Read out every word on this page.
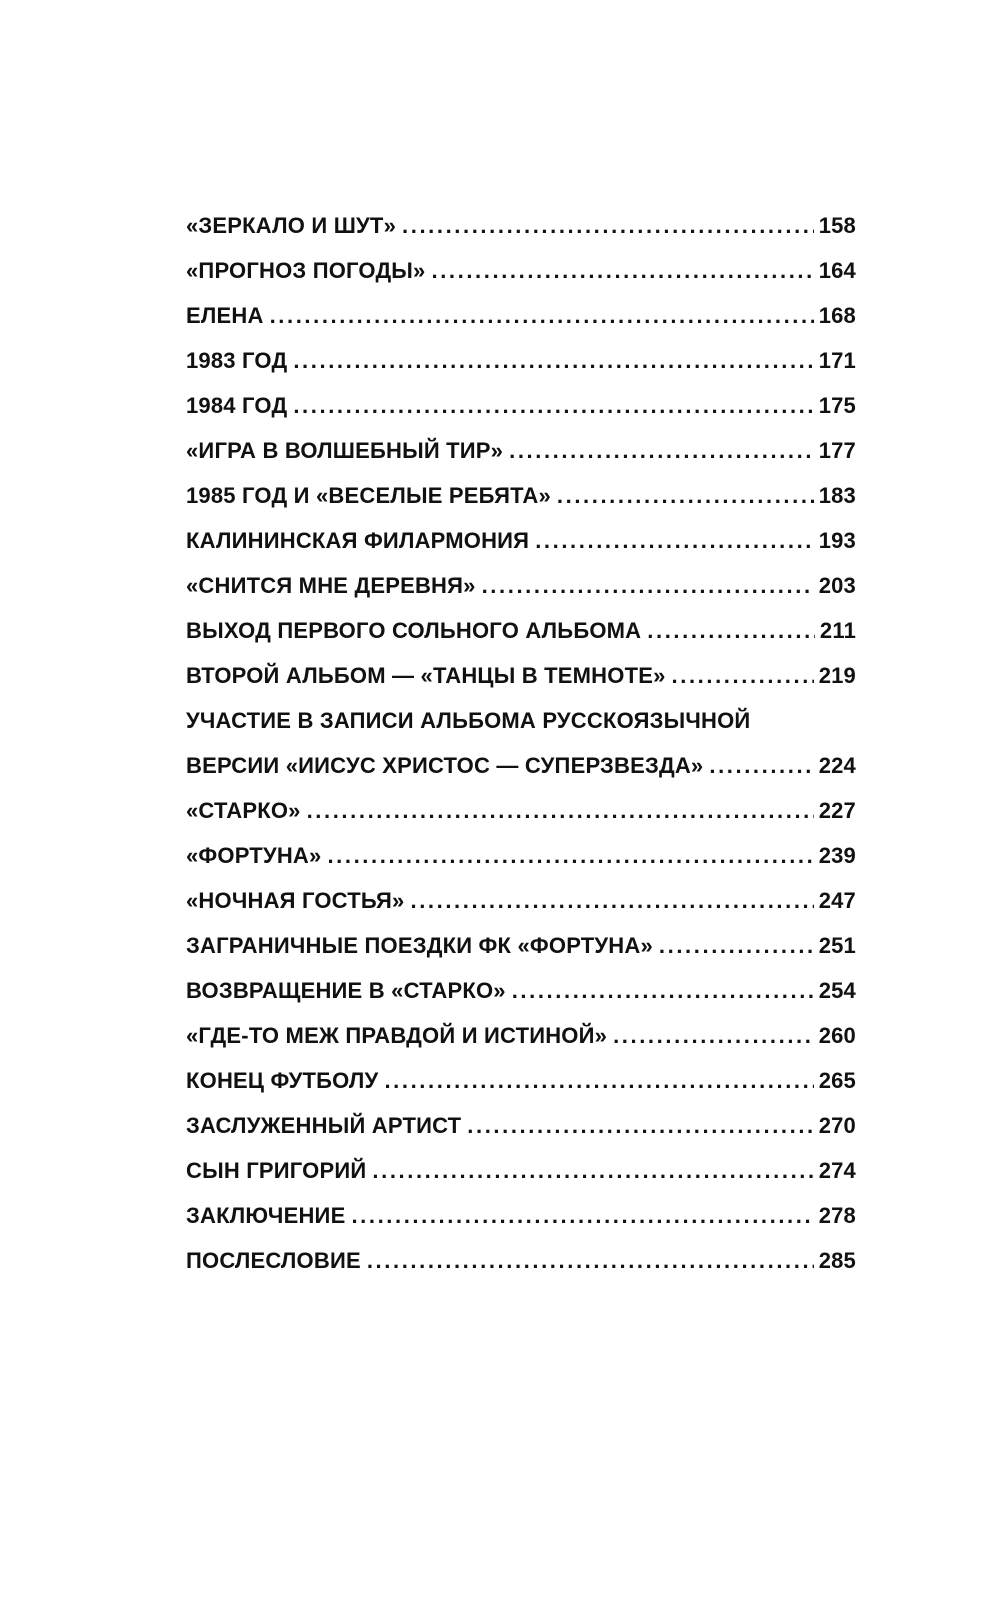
«ЗЕРКАЛО И ШУТ» .....	158
«ПРОГНОЗ ПОГОДЫ» .....	164
ЕЛЕНА .....	168
1983 ГОД .....	171
1984 ГОД .....	175
«ИГРА В ВОЛШЕБНЫЙ ТИР» .....	177
1985 ГОД И «ВЕСЕЛЫЕ РЕБЯТА» .....	183
КАЛИНИНСКАЯ ФИЛАРМОНИЯ .....	193
«СНИТСЯ МНЕ ДЕРЕВНЯ» .....	203
ВЫХОД ПЕРВОГО СОЛЬНОГО АЛЬБОМА .....	211
ВТОРОЙ АЛЬБОМ — «ТАНЦЫ В ТЕМНОТЕ» .....	219
УЧАСТИЕ В ЗАПИСИ АЛЬБОМА РУССКОЯЗЫЧНОЙ
ВЕРСИИ «ИИСУС ХРИСТОС — СУПЕРЗВЕЗДА» .....	224
«СТАРКО» .....	227
«ФОРТУНА» .....	239
«НОЧНАЯ ГОСТЬЯ» .....	247
ЗАГРАНИЧНЫЕ ПОЕЗДКИ ФК «ФОРТУНА» .....	251
ВОЗВРАЩЕНИЕ В «СТАРКО» .....	254
«ГДЕ-ТО МЕЖ ПРАВДОЙ И ИСТИНОЙ» .....	260
КОНЕЦ ФУТБОЛУ .....	265
ЗАСЛУЖЕННЫЙ АРТИСТ .....	270
СЫН ГРИГОРИЙ .....	274
ЗАКЛЮЧЕНИЕ .....	278
ПОСЛЕСЛОВИЕ .....	285
